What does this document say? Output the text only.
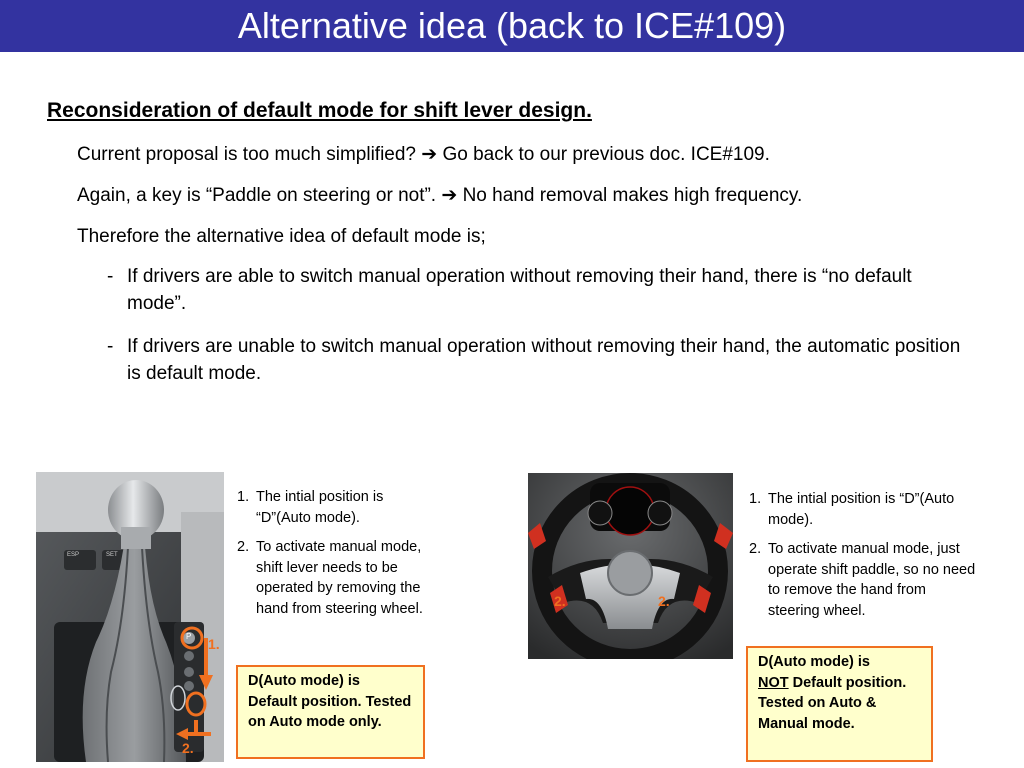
Alternative idea (back to ICE#109)
Reconsideration of default mode for shift lever design.
Current proposal is too much simplified? ➔ Go back to our previous doc. ICE#109.
Again, a key is “Paddle on steering or not”. ➔ No hand removal makes high frequency.
Therefore the alternative idea of default mode is;
- If drivers are able to switch manual operation without removing their hand, there is “no default mode”.
- If drivers are unable to switch manual operation without removing their hand, the automatic position is default mode.
ESP	SET
P 1.
2.
1. The intial position is “D”(Auto mode).
2. To activate manual mode, shift lever needs to be operated by removing the hand from steering wheel.
D(Auto mode) is Default position. Tested on Auto mode only.
2.	2.
1. The intial position is “D”(Auto mode).
2. To activate manual mode, just operate shift paddle, so no need to remove the hand from steering wheel.
D(Auto mode) is
NOT Default position.
Tested on Auto & Manual mode.
